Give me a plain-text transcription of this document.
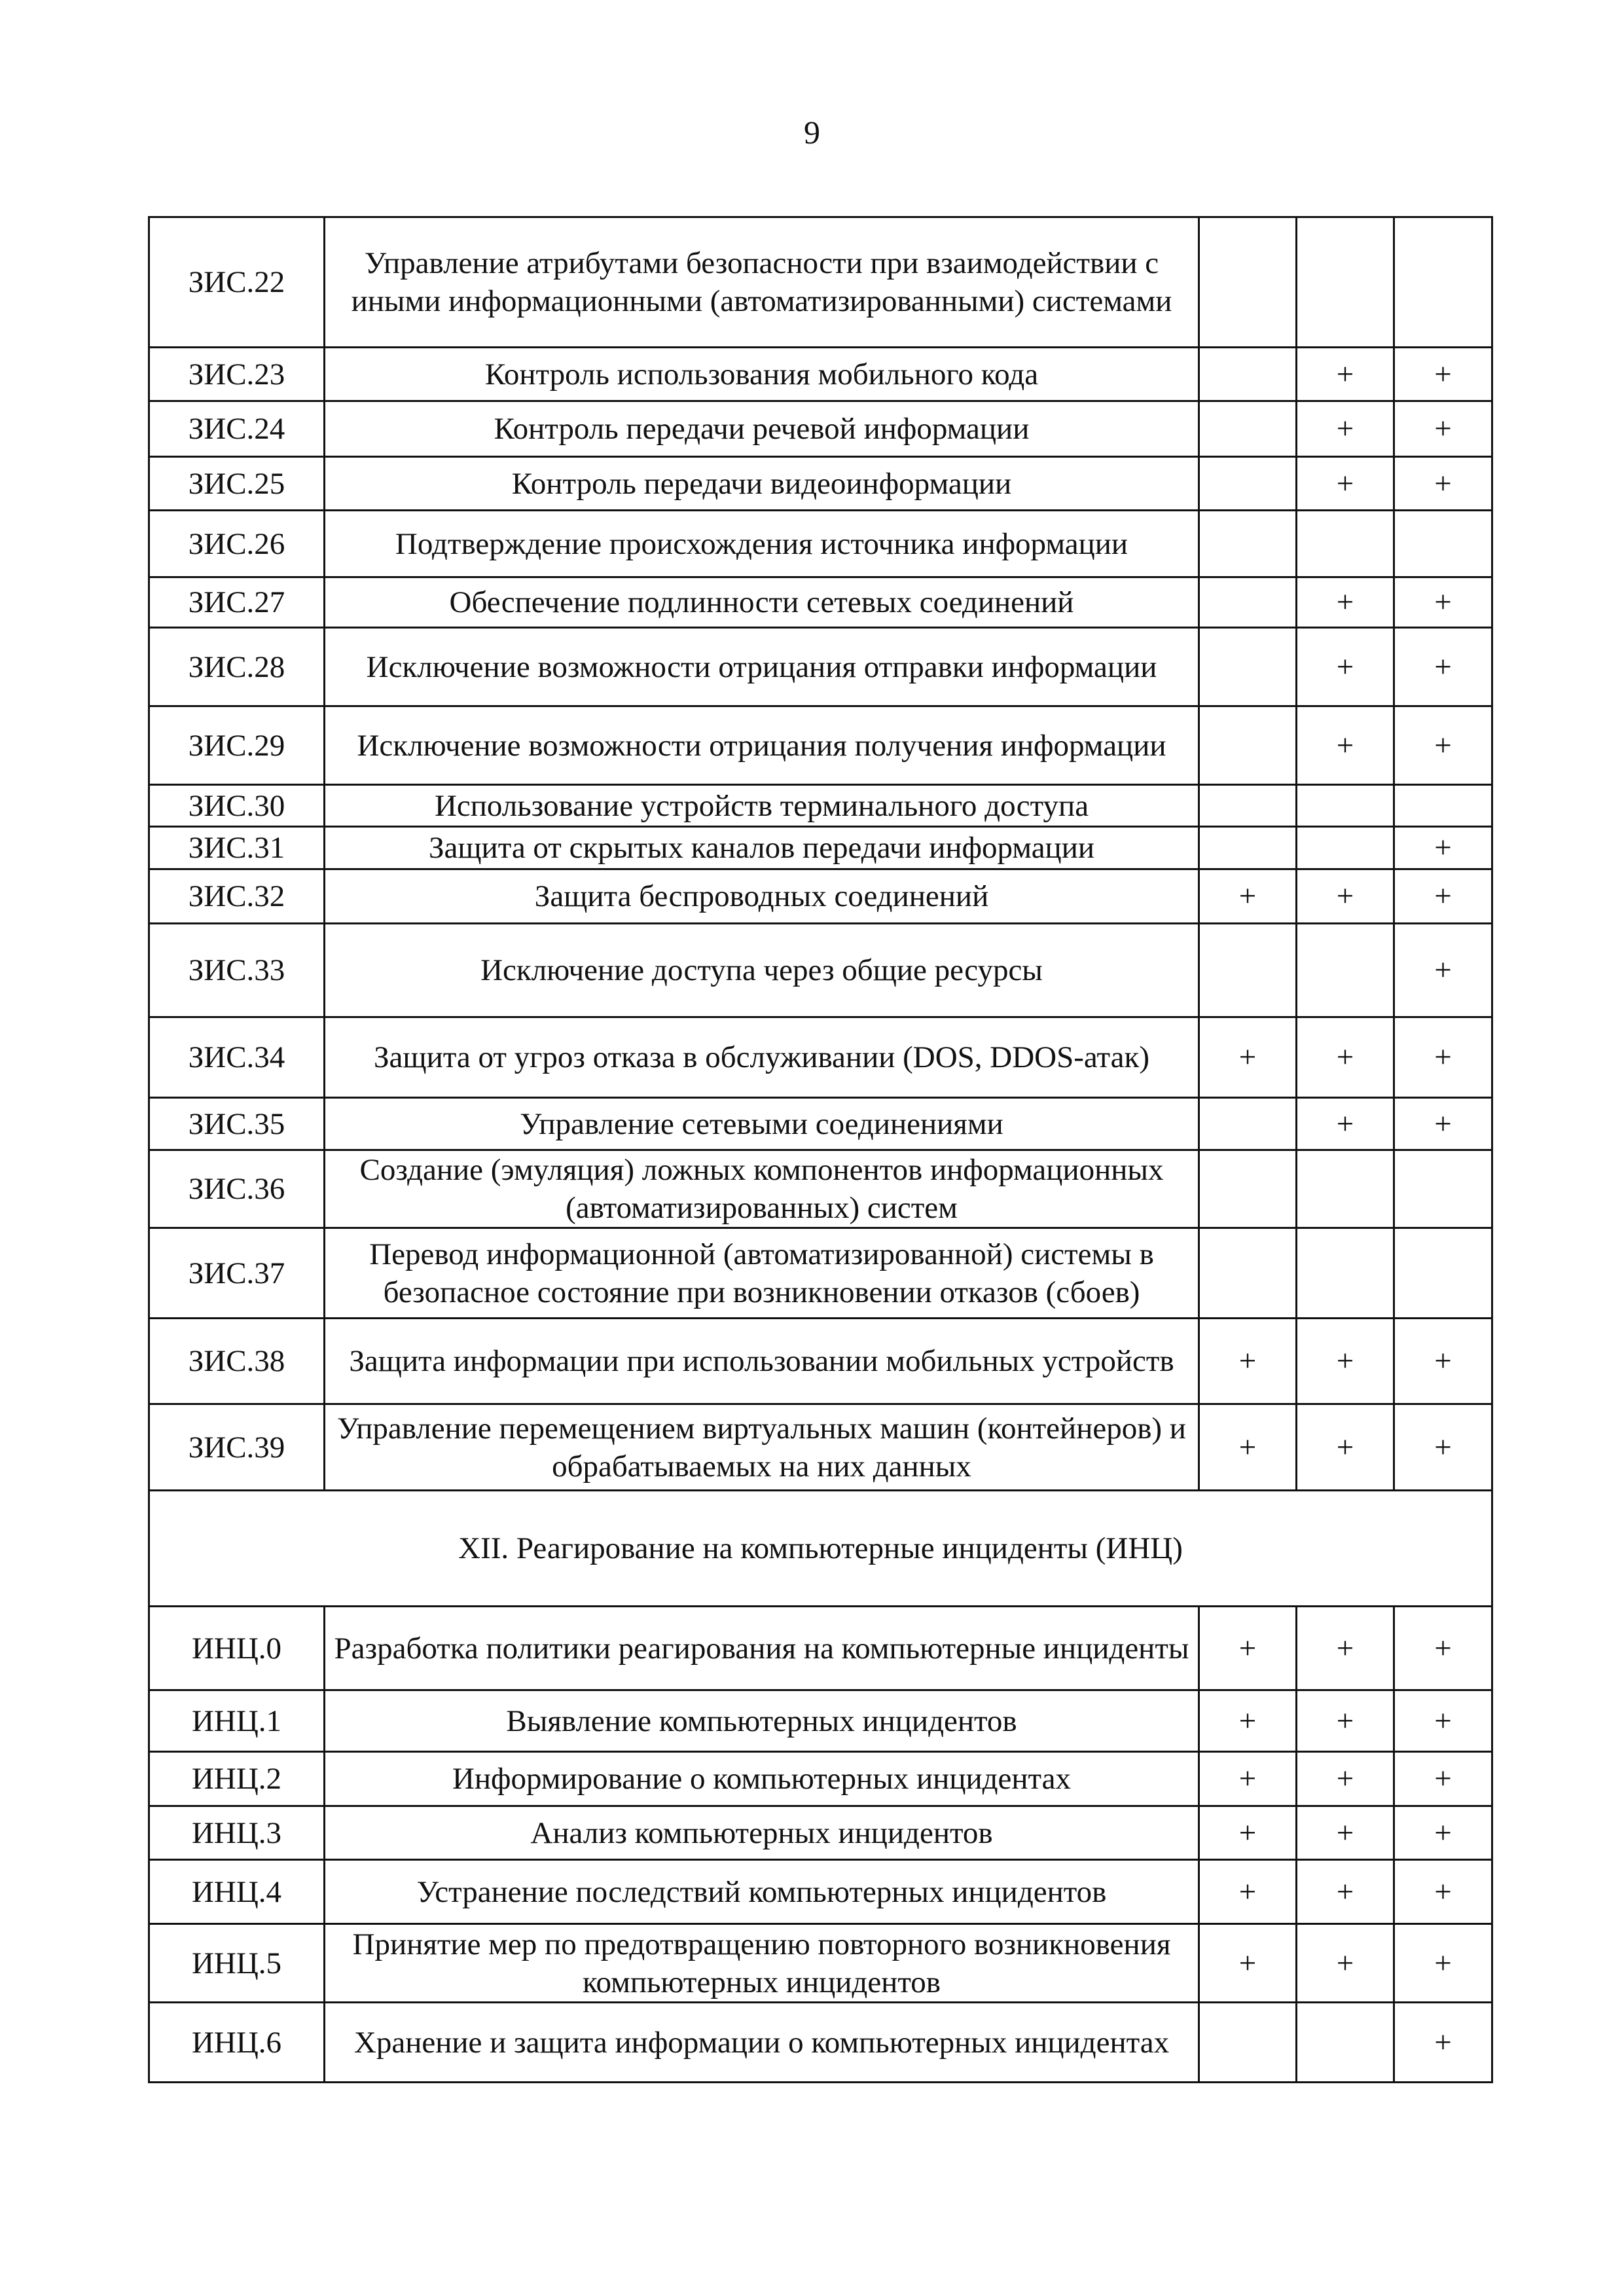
9
ЗИС.22	Управление атрибутами безопасности при взаимодействии с иными информационными (автоматизированными) системами			
ЗИС.23	Контроль использования мобильного кода		+	+
ЗИС.24	Контроль передачи речевой информации		+	+
ЗИС.25	Контроль передачи видеоинформации		+	+
ЗИС.26	Подтверждение происхождения источника информации			
ЗИС.27	Обеспечение подлинности сетевых соединений		+	+
ЗИС.28	Исключение возможности отрицания отправки информации		+	+
ЗИС.29	Исключение возможности отрицания получения информации		+	+
ЗИС.30	Использование устройств терминального доступа			
ЗИС.31	Защита от скрытых каналов передачи информации			+
ЗИС.32	Защита беспроводных соединений	+	+	+
ЗИС.33	Исключение доступа через общие ресурсы			+
ЗИС.34	Защита от угроз отказа в обслуживании (DOS, DDOS-атак)	+	+	+
ЗИС.35	Управление сетевыми соединениями		+	+
ЗИС.36	Создание (эмуляция) ложных компонентов информационных (автоматизированных) систем			
ЗИС.37	Перевод информационной (автоматизированной) системы в безопасное состояние при возникновении отказов (сбоев)			
ЗИС.38	Защита информации при использовании мобильных устройств	+	+	+
ЗИС.39	Управление перемещением виртуальных машин (контейнеров) и обрабатываемых на них данных	+	+	+
XII. Реагирование на компьютерные инциденты (ИНЦ)				
ИНЦ.0	Разработка политики реагирования на компьютерные инциденты	+	+	+
ИНЦ.1	Выявление компьютерных инцидентов	+	+	+
ИНЦ.2	Информирование о компьютерных инцидентах	+	+	+
ИНЦ.3	Анализ компьютерных инцидентов	+	+	+
ИНЦ.4	Устранение последствий компьютерных инцидентов	+	+	+
ИНЦ.5	Принятие мер по предотвращению повторного возникновения компьютерных инцидентов	+	+	+
ИНЦ.6	Хранение и защита информации о компьютерных инцидентах			+
